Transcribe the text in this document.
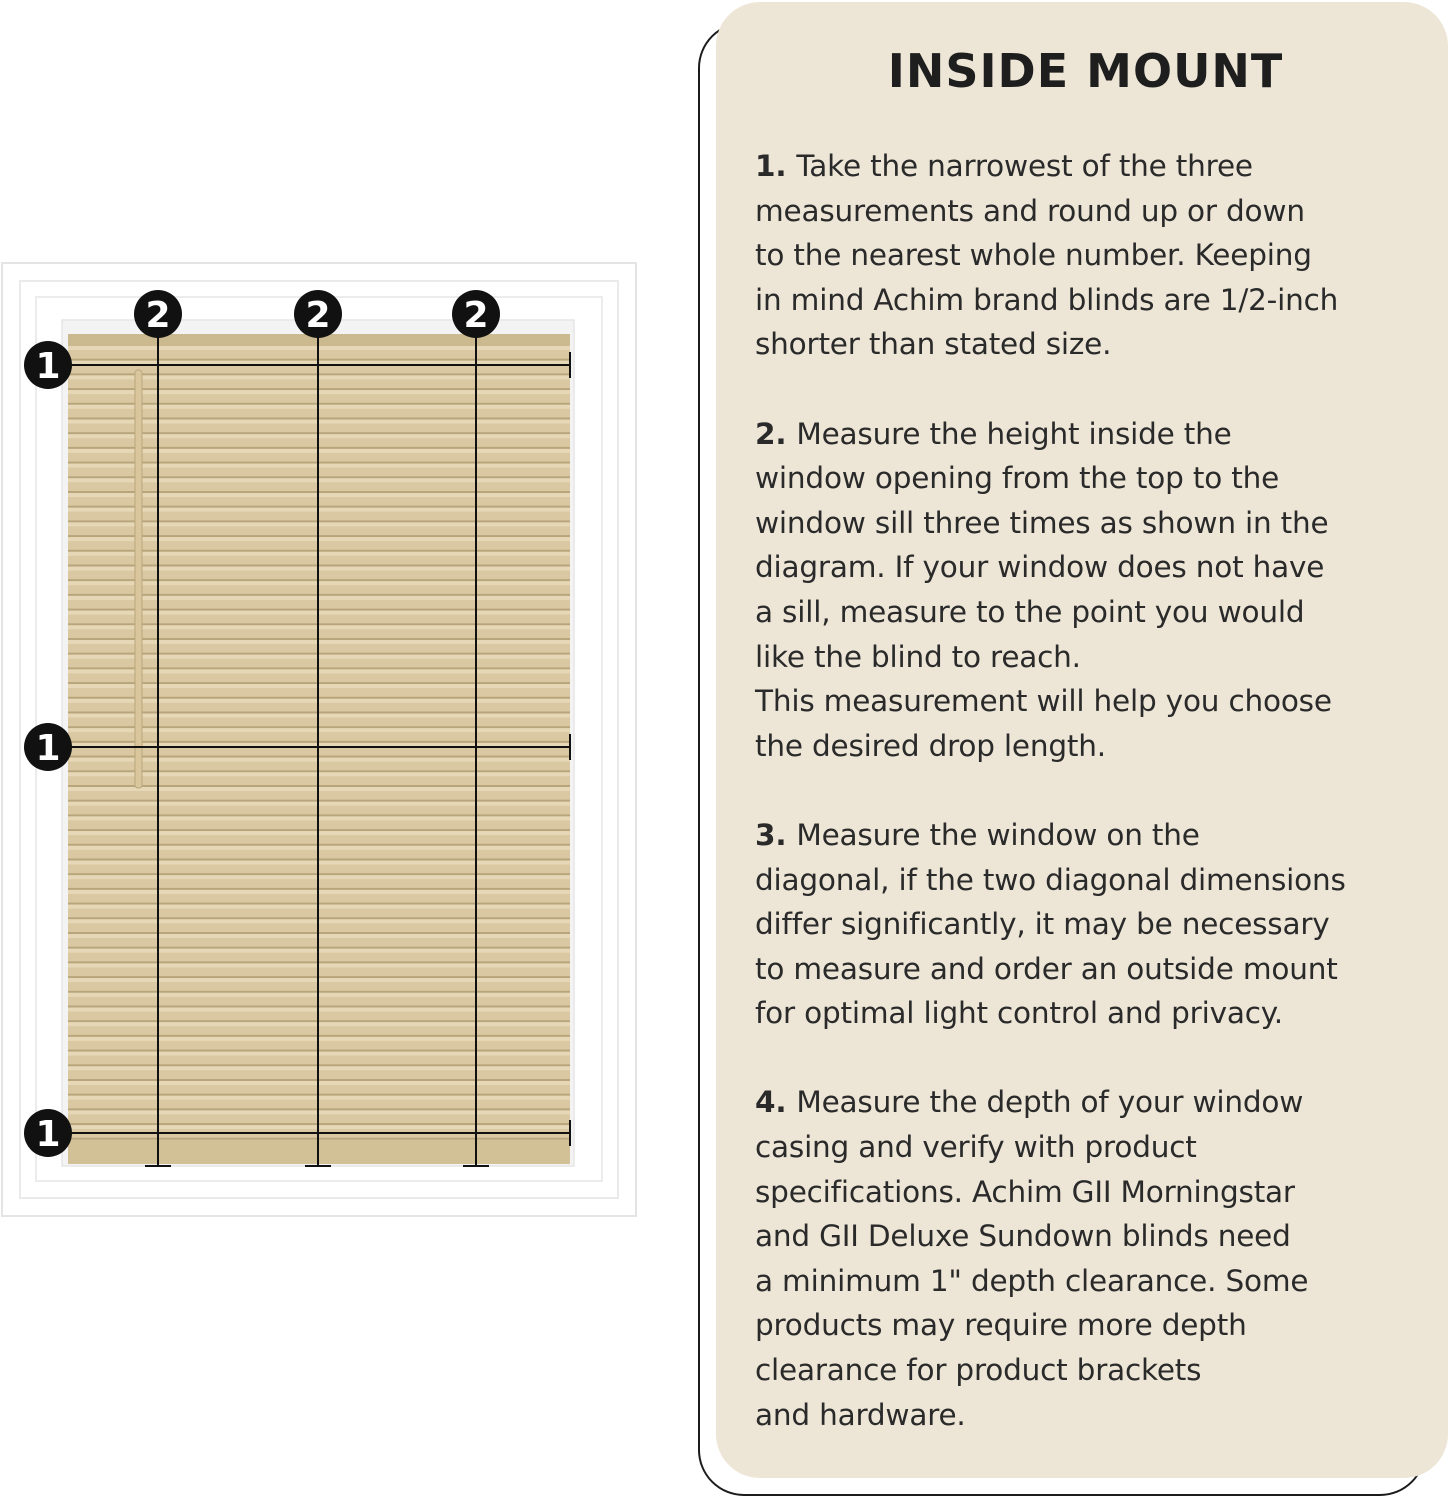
2	2	2
1
1
1
INSIDE MOUNT
1. Take the narrowest of the three
measurements and round up or down
to the nearest whole number. Keeping
in mind Achim brand blinds are 1/2-inch
shorter than stated size.
2. Measure the height inside the
window opening from the top to the
window sill three times as shown in the
diagram. If your window does not have
a sill, measure to the point you would
like the blind to reach.
This measurement will help you choose
the desired drop length.
3. Measure the window on the
diagonal, if the two diagonal dimensions
differ significantly, it may be necessary
to measure and order an outside mount
for optimal light control and privacy.
4. Measure the depth of your window
casing and verify with product
specifications. Achim GII Morningstar
and GII Deluxe Sundown blinds need
a minimum 1" depth clearance. Some
products may require more depth
clearance for product brackets
and hardware.
